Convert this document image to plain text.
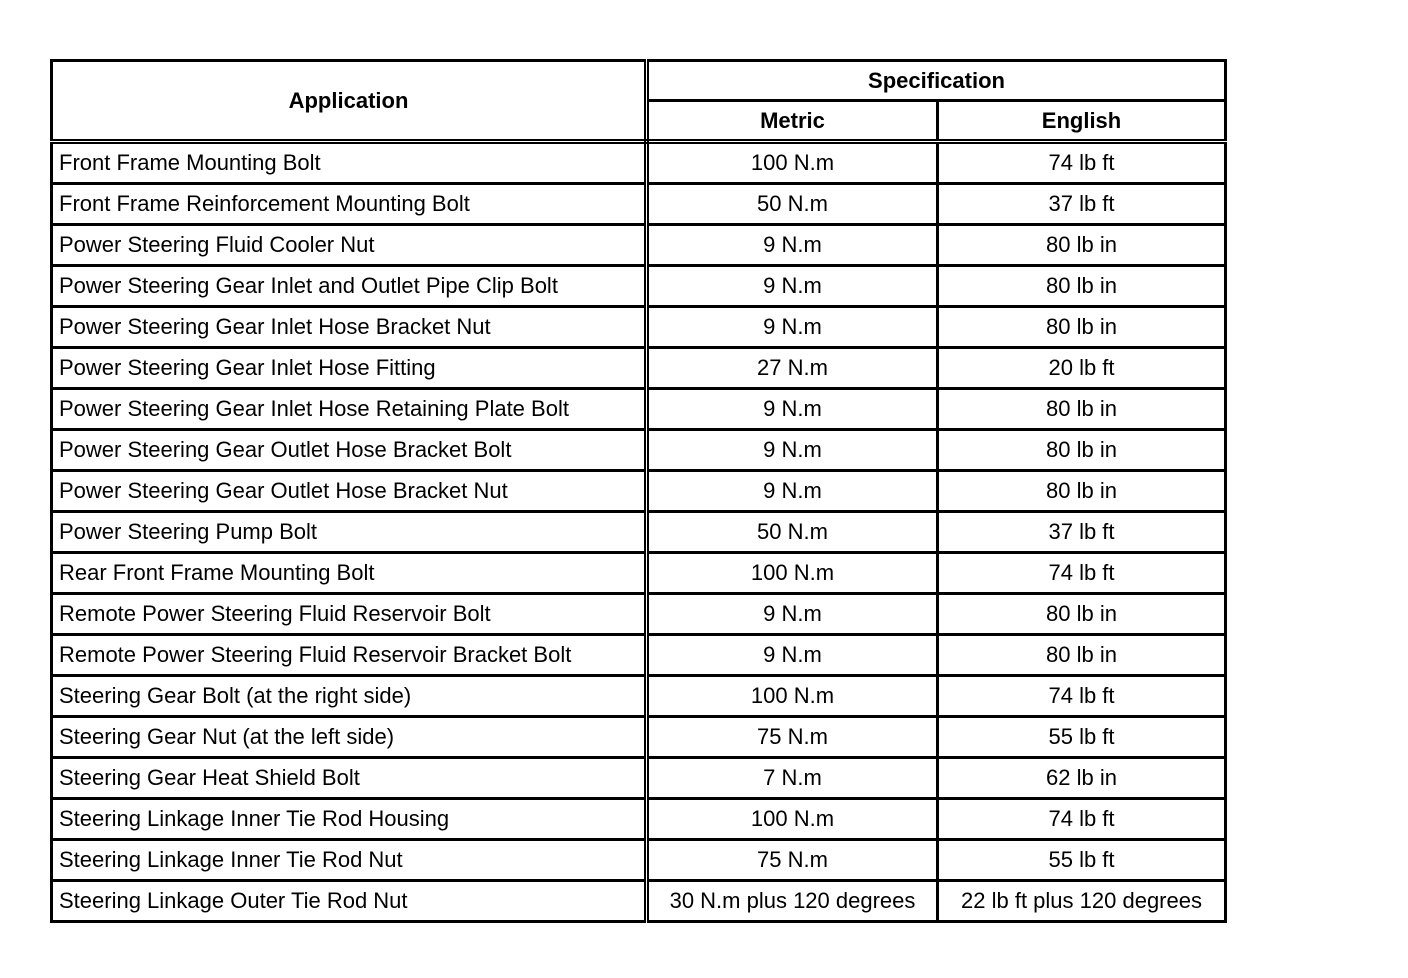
Application	Specification	
	Metric	English
Front Frame Mounting Bolt	100 N.m	74 lb ft
Front Frame Reinforcement Mounting Bolt	50 N.m	37 lb ft
Power Steering Fluid Cooler Nut	9 N.m	80 lb in
Power Steering Gear Inlet and Outlet Pipe Clip Bolt	9 N.m	80 lb in
Power Steering Gear Inlet Hose Bracket Nut	9 N.m	80 lb in
Power Steering Gear Inlet Hose Fitting	27 N.m	20 lb ft
Power Steering Gear Inlet Hose Retaining Plate Bolt	9 N.m	80 lb in
Power Steering Gear Outlet Hose Bracket Bolt	9 N.m	80 lb in
Power Steering Gear Outlet Hose Bracket Nut	9 N.m	80 lb in
Power Steering Pump Bolt	50 N.m	37 lb ft
Rear Front Frame Mounting Bolt	100 N.m	74 lb ft
Remote Power Steering Fluid Reservoir Bolt	9 N.m	80 lb in
Remote Power Steering Fluid Reservoir Bracket Bolt	9 N.m	80 lb in
Steering Gear Bolt (at the right side)	100 N.m	74 lb ft
Steering Gear Nut (at the left side)	75 N.m	55 lb ft
Steering Gear Heat Shield Bolt	7 N.m	62 lb in
Steering Linkage Inner Tie Rod Housing	100 N.m	74 lb ft
Steering Linkage Inner Tie Rod Nut	75 N.m	55 lb ft
Steering Linkage Outer Tie Rod Nut	30 N.m plus 120 degrees	22 lb ft plus 120 degrees
